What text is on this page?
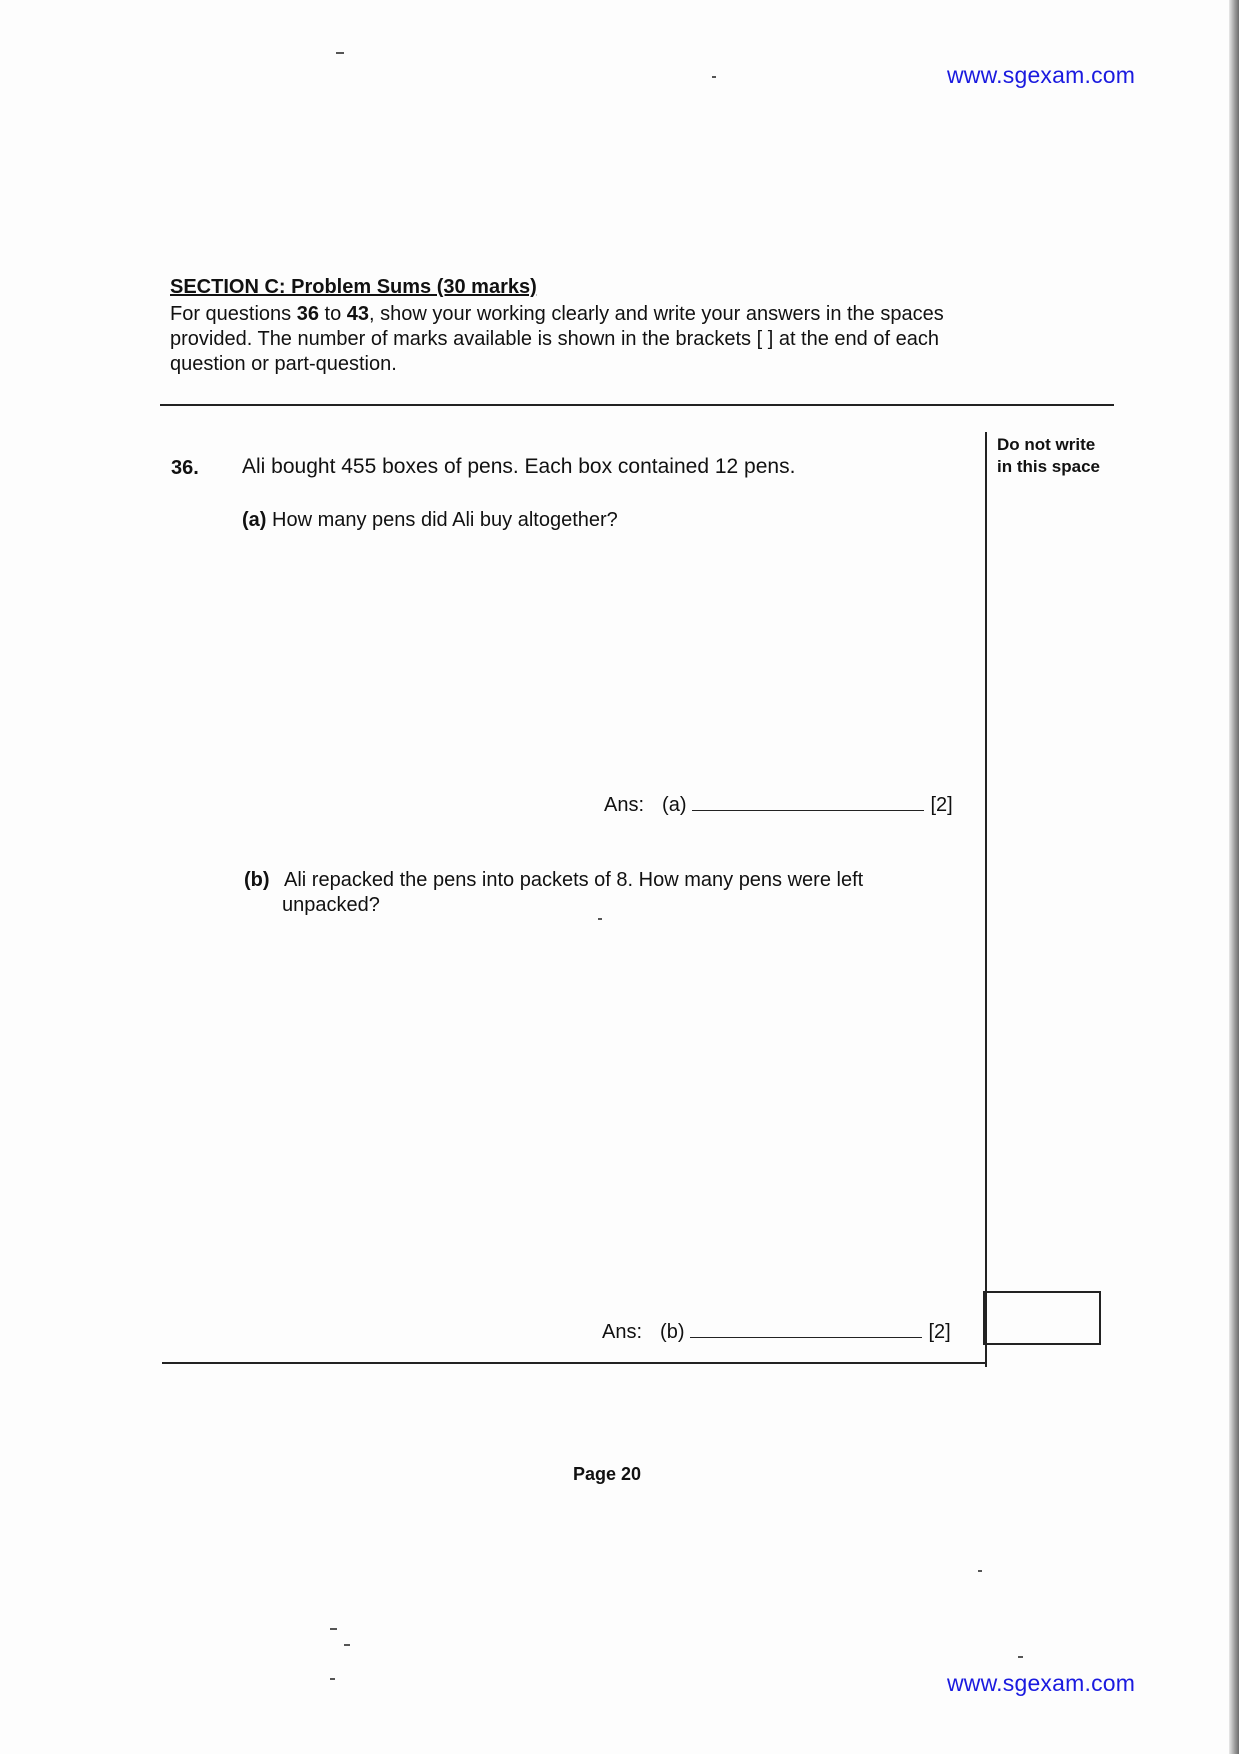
www.sgexam.com
SECTION C: Problem Sums (30 marks)
For questions 36 to 43, show your working clearly and write your answers in the spaces provided. The number of marks available is shown in the brackets [ ] at the end of each question or part-question.
Do not write
in this space
36. Ali bought 455 boxes of pens. Each box contained 12 pens.
(a) How many pens did Ali buy altogether?
Ans: (a)	[2]
(b) Ali repacked the pens into packets of 8. How many pens were left
unpacked?
Ans: (b)	[2]
Page 20
www.sgexam.com
